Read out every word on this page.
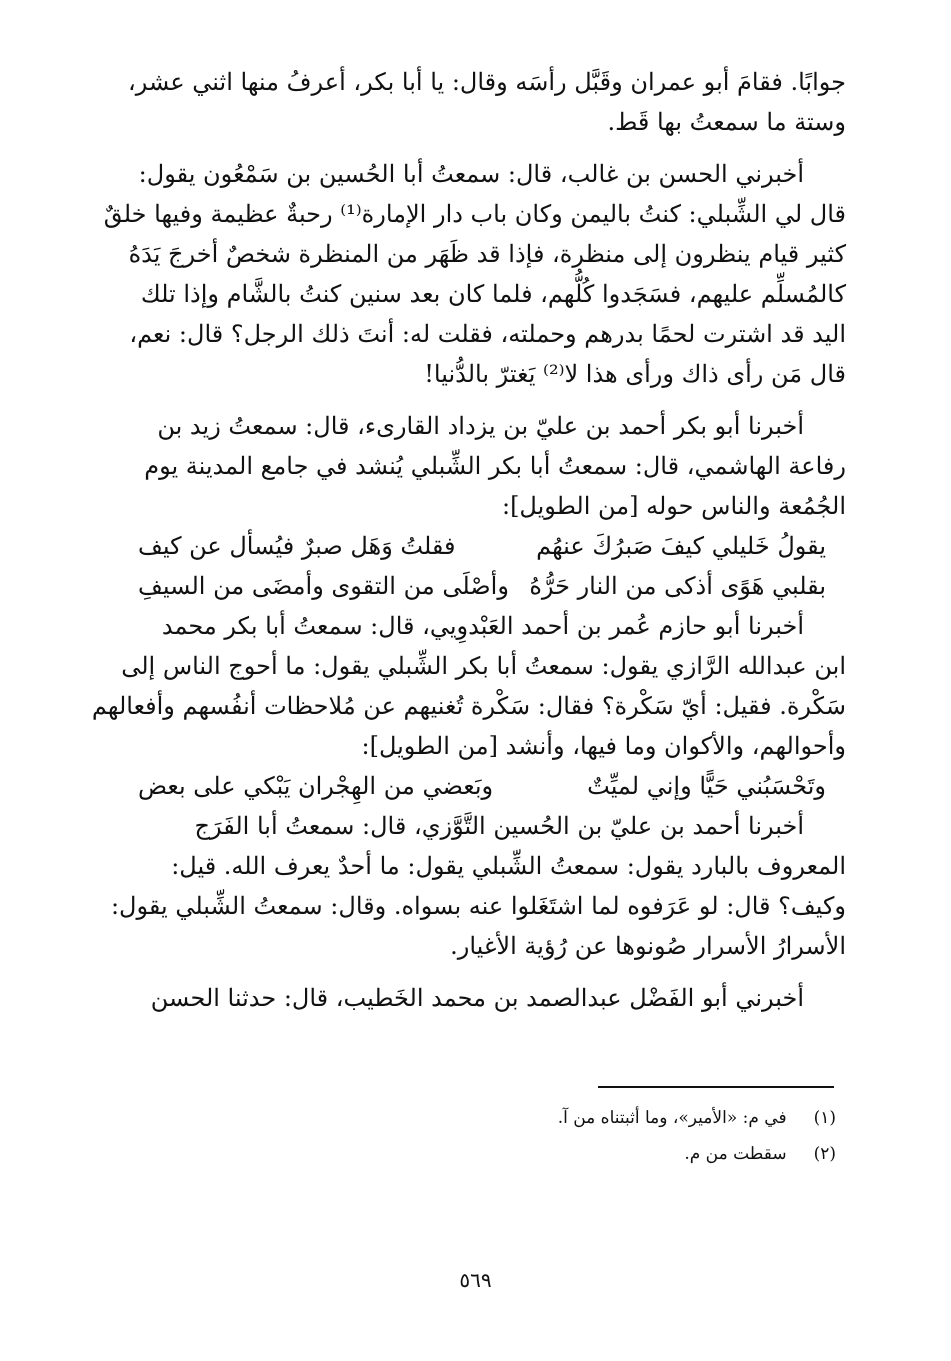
جوابًا. فقامَ أبو عمران وقَبَّل رأسَه وقال: يا أبا بكر، أعرفُ منها اثني عشر،
وستة ما سمعتُ بها قَط.
أخبرني الحسن بن غالب، قال: سمعتُ أبا الحُسين بن سَمْعُون يقول:
قال لي الشِّبلي: كنتُ باليمن وكان باب دار الإمارة⁽¹⁾ رحبةٌ عظيمة وفيها خلقٌ
كثير قيام ينظرون إلى منظرة، فإذا قد ظَهَر من المنظرة شخصٌ أخرجَ يَدَهُ
كالمُسلِّم عليهم، فسَجَدوا كُلُّهم، فلما كان بعد سنين كنتُ بالشَّام وإذا تلك
اليد قد اشترت لحمًا بدرهم وحملته، فقلت له: أنتَ ذلك الرجل؟ قال: نعم،
قال مَن رأى ذاك ورأى هذا لا⁽²⁾ يَغترّ بالدُّنيا!
أخبرنا أبو بكر أحمد بن عليّ بن يزداد القارىء، قال: سمعتُ زيد بن
رفاعة الهاشمي، قال: سمعتُ أبا بكر الشِّبلي يُنشد في جامع المدينة يوم
الجُمُعة والناس حوله [من الطويل]:
يقولُ خَليلي كيفَ صَبرُكَ عنهُم
فقلتُ وَهَل صبرٌ فيُسأل عن كيف
بقلبي هَوًى أذكى من النار حَرُّهُ
وأصْلَى من التقوى وأمضَى من السيفِ
أخبرنا أبو حازم عُمر بن أحمد العَبْدوِيي، قال: سمعتُ أبا بكر محمد
ابن عبدالله الرَّازي يقول: سمعتُ أبا بكر الشِّبلي يقول: ما أحوج الناس إلى
سَكْرة. فقيل: أيّ سَكْرة؟ فقال: سَكْرة تُغنيهم عن مُلاحظات أنفُسهم وأفعالهم
وأحوالهم، والأكوان وما فيها، وأنشد [من الطويل]:
وتَحْسَبُني حَيًّا وإني لميِّتٌ
وبَعضي من الهِجْران يَبْكي على بعض
أخبرنا أحمد بن عليّ بن الحُسين التَّوَّزي، قال: سمعتُ أبا الفَرَج
المعروف بالبارد يقول: سمعتُ الشِّبلي يقول: ما أحدٌ يعرف الله. قيل:
وكيف؟ قال: لو عَرَفوه لما اشتَغَلوا عنه بسواه. وقال: سمعتُ الشِّبلي يقول:
الأسرارُ الأسرار صُونوها عن رُؤية الأغيار.
أخبرني أبو الفَضْل عبدالصمد بن محمد الخَطيب، قال: حدثنا الحسن
(١) في م: «الأمير»، وما أثبتناه من آ.
(٢) سقطت من م.
٥٦٩
